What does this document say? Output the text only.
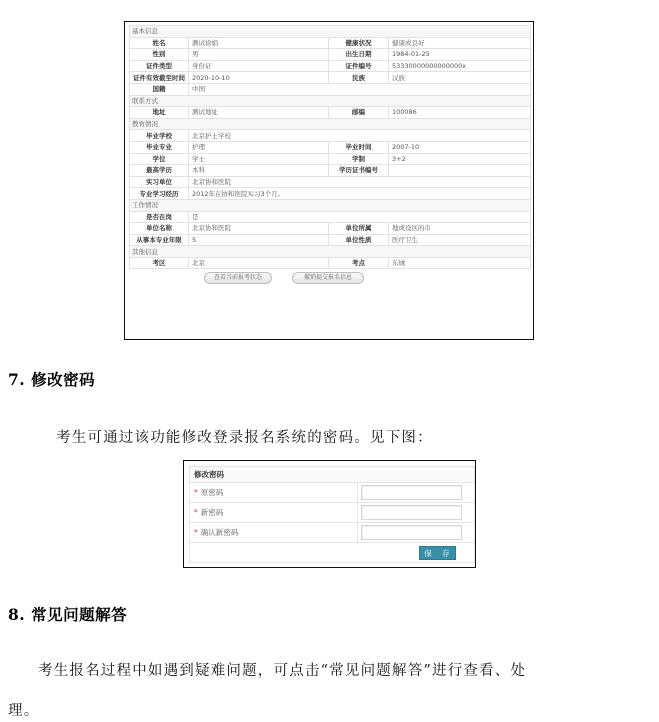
基本信息			
姓名	测试徐娟	健康状况	健康或良好
性别	男	出生日期	1984-01-25
证件类型	身份证	证件编号	53330000000000000x
证件有效截至时间	2020-10-10	民族	汉族
国籍	中国		
联系方式			
地址	测试地址	邮编	100086
教育情况			
毕业学校	北京护士学校		
毕业专业	护理	毕业时间	2007-10
学位	学士	学制	3+2
最高学历	本科	学历证书编号	
实习单位	北京协和医院		
专业学习经历	2012年在协和医院实习3个月。		
工作情况			
是否在岗	是		
单位名称	北京协和医院	单位所属	地或设区的市
从事本专业年限	5	单位性质	医疗卫生
其他信息			
考区	北京	考点	东城
查看当前报考状态	撤销提交报名信息
7. 修改密码
考生可通过该功能修改登录报名系统的密码。见下图：
修改密码	
* 原密码	

* 新密码	

* 确认新密码	

保 存	
8. 常见问题解答
考生报名过程中如遇到疑难问题，可点击“常见问题解答”进行查看、处
理。
